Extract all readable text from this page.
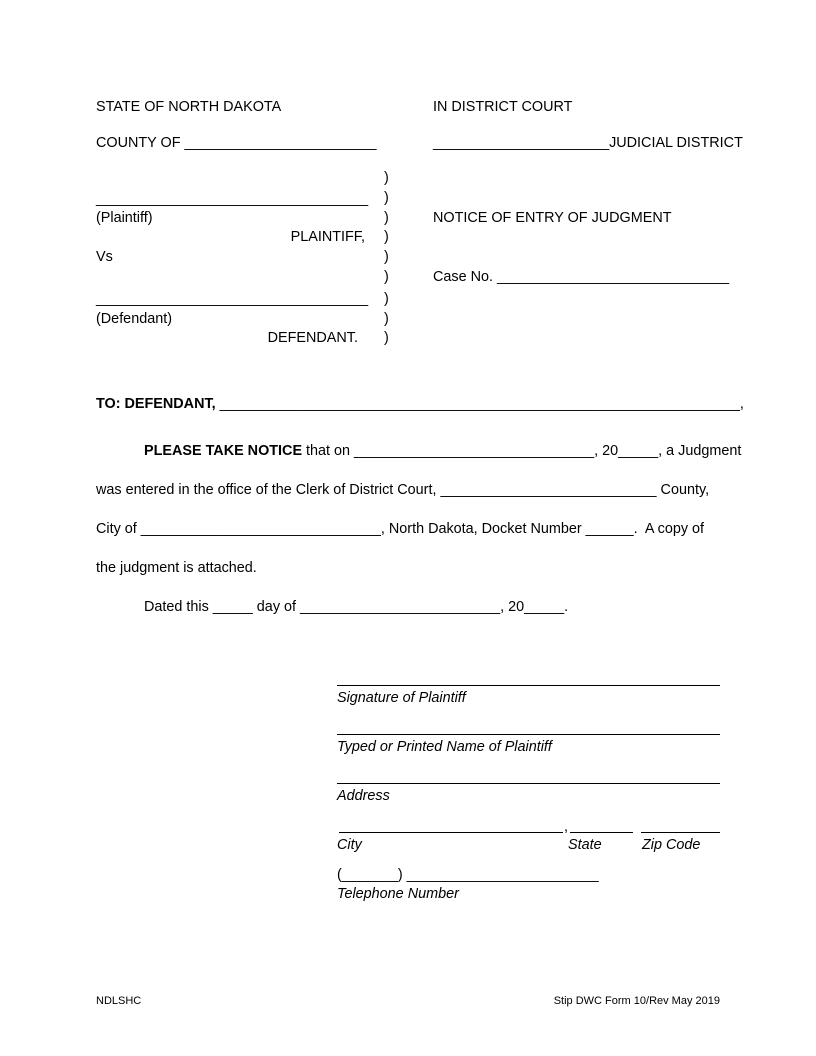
STATE OF NORTH DAKOTA	IN DISTRICT COURT
COUNTY OF ________________________	______________________JUDICIAL DISTRICT
__________________________________
(Plaintiff)
PLAINTIFF,
Vs
__________________________________
(Defendant)
DEFENDANT.
)
)
)
)
)
)
)
)
)
NOTICE OF ENTRY OF JUDGMENT
Case No. _____________________________
TO: DEFENDANT, _________________________________________________________________,
PLEASE TAKE NOTICE that on ______________________________, 20_____, a Judgment
was entered in the office of the Clerk of District Court, ___________________________ County,
City of ______________________________, North Dakota, Docket Number ______.  A copy of
the judgment is attached.
Dated this _____ day of _________________________, 20_____.
Signature of Plaintiff
Typed or Printed Name of Plaintiff
Address
,
City	State	Zip Code
(_______) ________________________
Telephone Number
NDLSHC	Stip DWC Form 10/Rev May 2019
